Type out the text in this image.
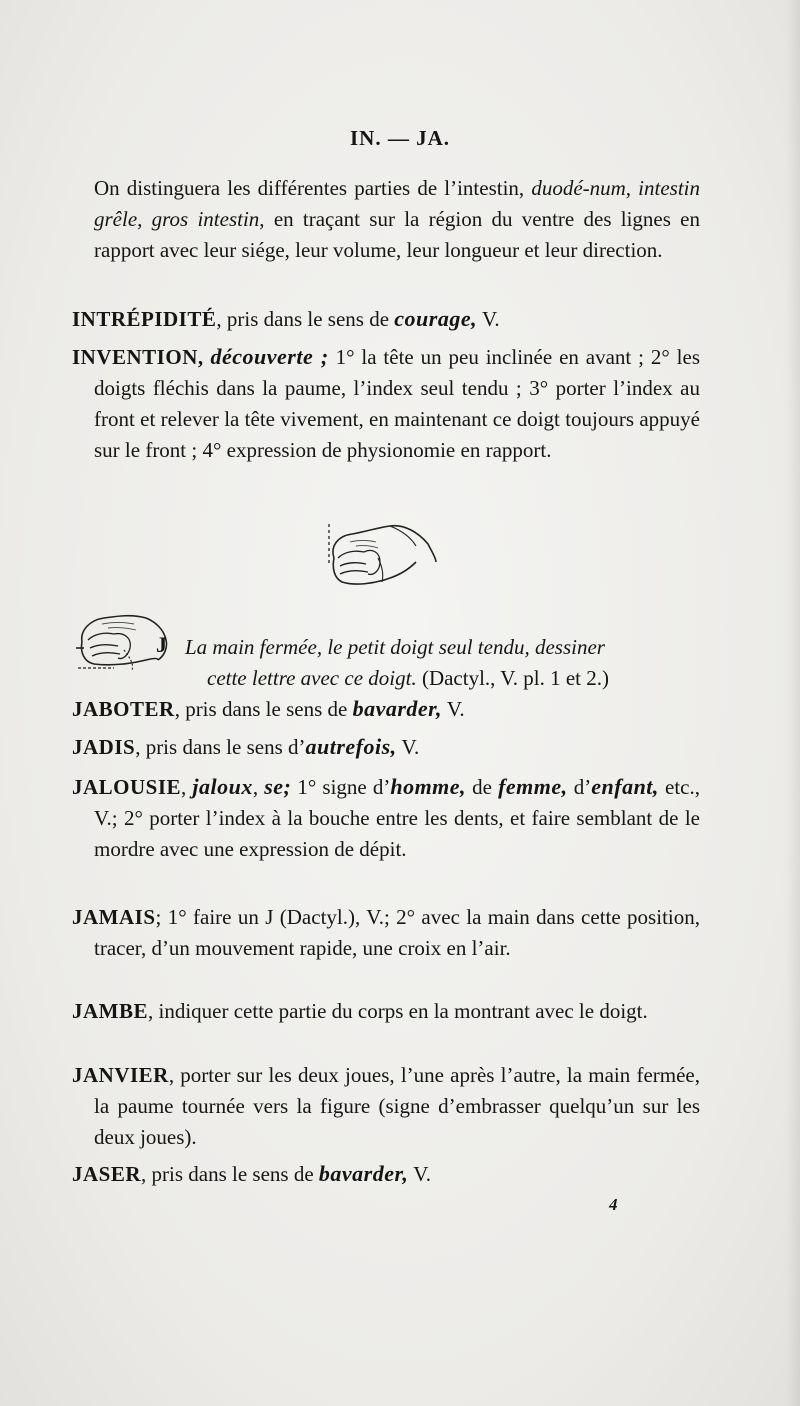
IN. — JA.
On distinguera les différentes parties de l’intestin, duodé-num, intestin grêle, gros intestin, en traçant sur la région du ventre des lignes en rapport avec leur siége, leur volume, leur longueur et leur direction.
INTRÉPIDITÉ, pris dans le sens de courage, V.
INVENTION, découverte ; 1° la tête un peu inclinée en avant ; 2° les doigts fléchis dans la paume, l’index seul tendu ; 3° porter l’index au front et relever la tête vivement, en maintenant ce doigt toujours appuyé sur le front ; 4° expression de physionomie en rapport.
J La main fermée, le petit doigt seul tendu, dessiner
cette lettre avec ce doigt. (Dactyl., V. pl. 1 et 2.)
JABOTER, pris dans le sens de bavarder, V.
JADIS, pris dans le sens d’autrefois, V.
JALOUSIE, jaloux, se; 1° signe d’homme, de femme, d’enfant, etc., V.; 2° porter l’index à la bouche entre les dents, et faire semblant de le mordre avec une expression de dépit.
JAMAIS; 1° faire un J (Dactyl.), V.; 2° avec la main dans cette position, tracer, d’un mouvement rapide, une croix en l’air.
JAMBE, indiquer cette partie du corps en la montrant avec le doigt.
JANVIER, porter sur les deux joues, l’une après l’autre, la main fermée, la paume tournée vers la figure (signe d’embrasser quelqu’un sur les deux joues).
JASER, pris dans le sens de bavarder, V.
4
